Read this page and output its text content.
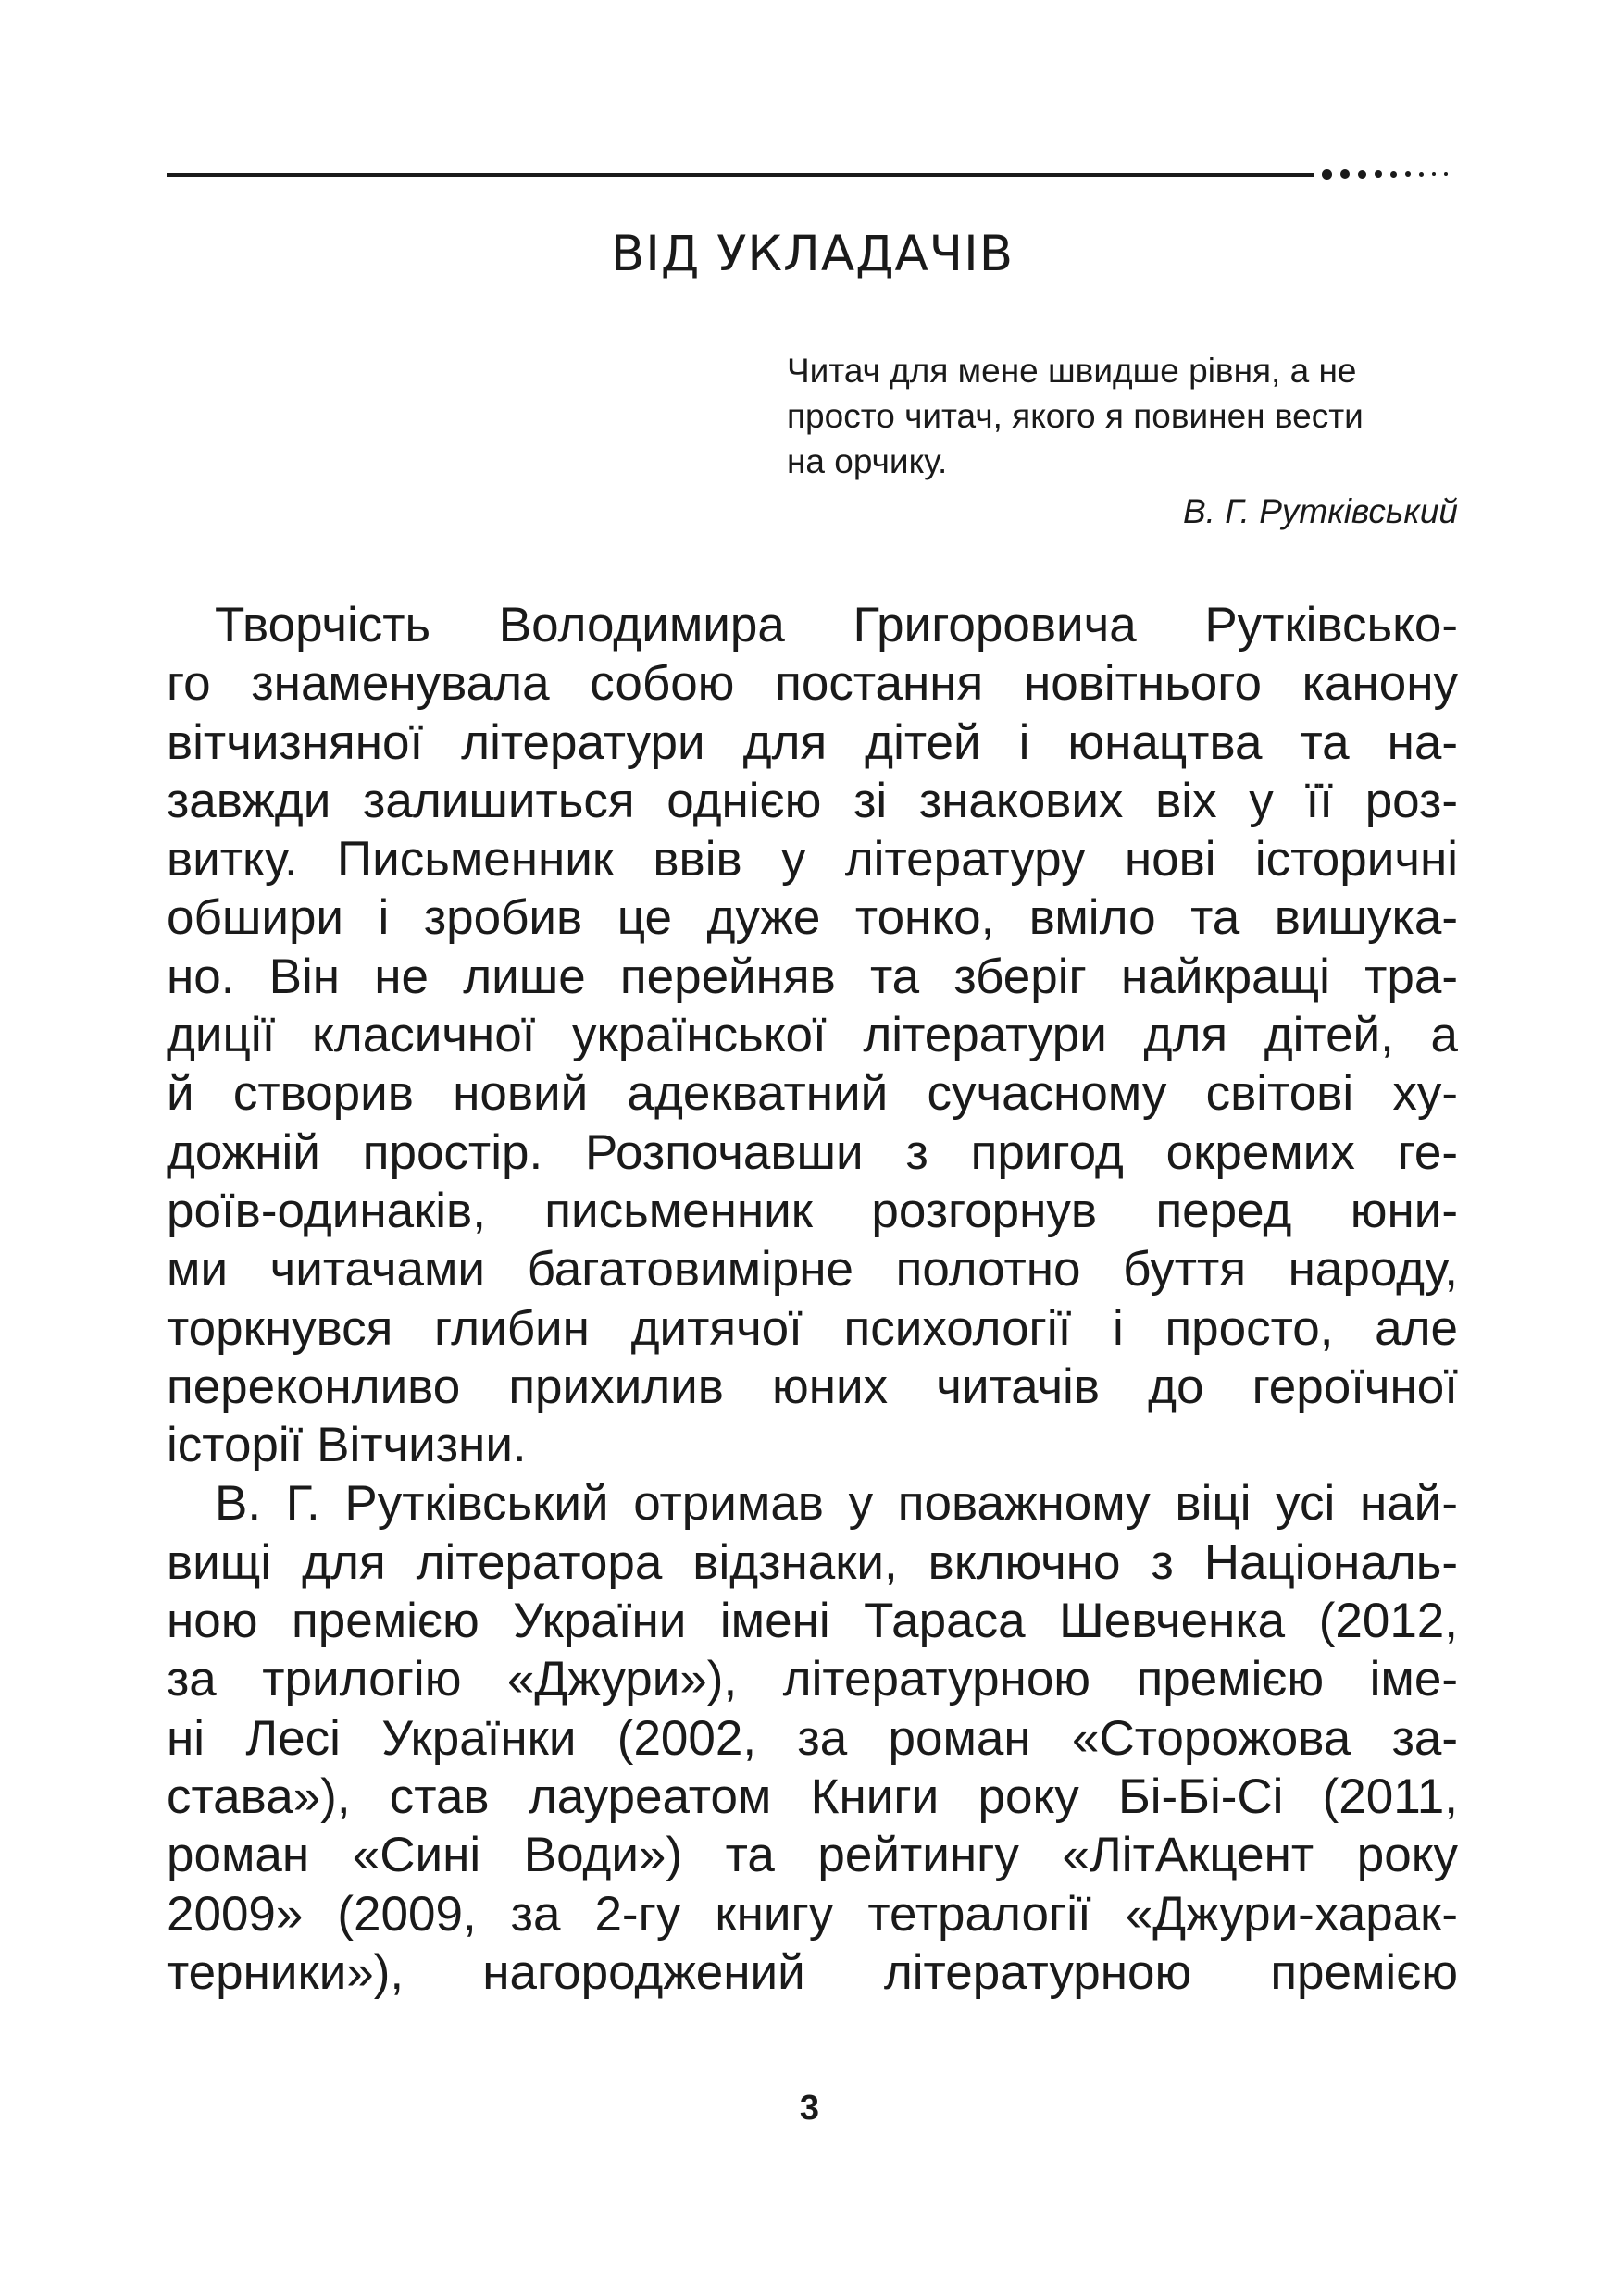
ВІД УКЛАДАЧІВ
Читач для мене швидше рівня, а не
просто читач, якого я повинен вести
на орчику.
В. Г. Рутківський
Творчість Володимира Григоровича Рутківсько-
го знаменувала собою постання новітнього канону
вітчизняної літератури для дітей і юнацтва та на-
завжди залишиться однією зі знакових віх у її роз-
витку. Письменник ввів у літературу нові історичні
обшири і зробив це дуже тонко, вміло та вишука-
но. Він не лише перейняв та зберіг найкращі тра-
диції класичної української літератури для дітей, а
й створив новий адекватний сучасному світові ху-
дожній простір. Розпочавши з пригод окремих ге-
роїв-одинаків, письменник розгорнув перед юни-
ми читачами багатовимірне полотно буття народу,
торкнувся глибин дитячої психології і просто, але
переконливо прихилив юних читачів до героїчної
історії Вітчизни.
В. Г. Рутківський отримав у поважному віці усі най-
вищі для літератора відзнаки, включно з Національ-
ною премією України імені Тараса Шевченка (2012,
за трилогію «Джури»), літературною премією іме-
ні Лесі Українки (2002, за роман «Сторожова за-
става»), став лауреатом Книги року Бі-Бі-Сі (2011,
роман «Сині Води») та рейтингу «ЛітАкцент року
2009» (2009, за 2-гу книгу тетралогії «Джури-харак-
терники»), нагороджений літературною премією
3
